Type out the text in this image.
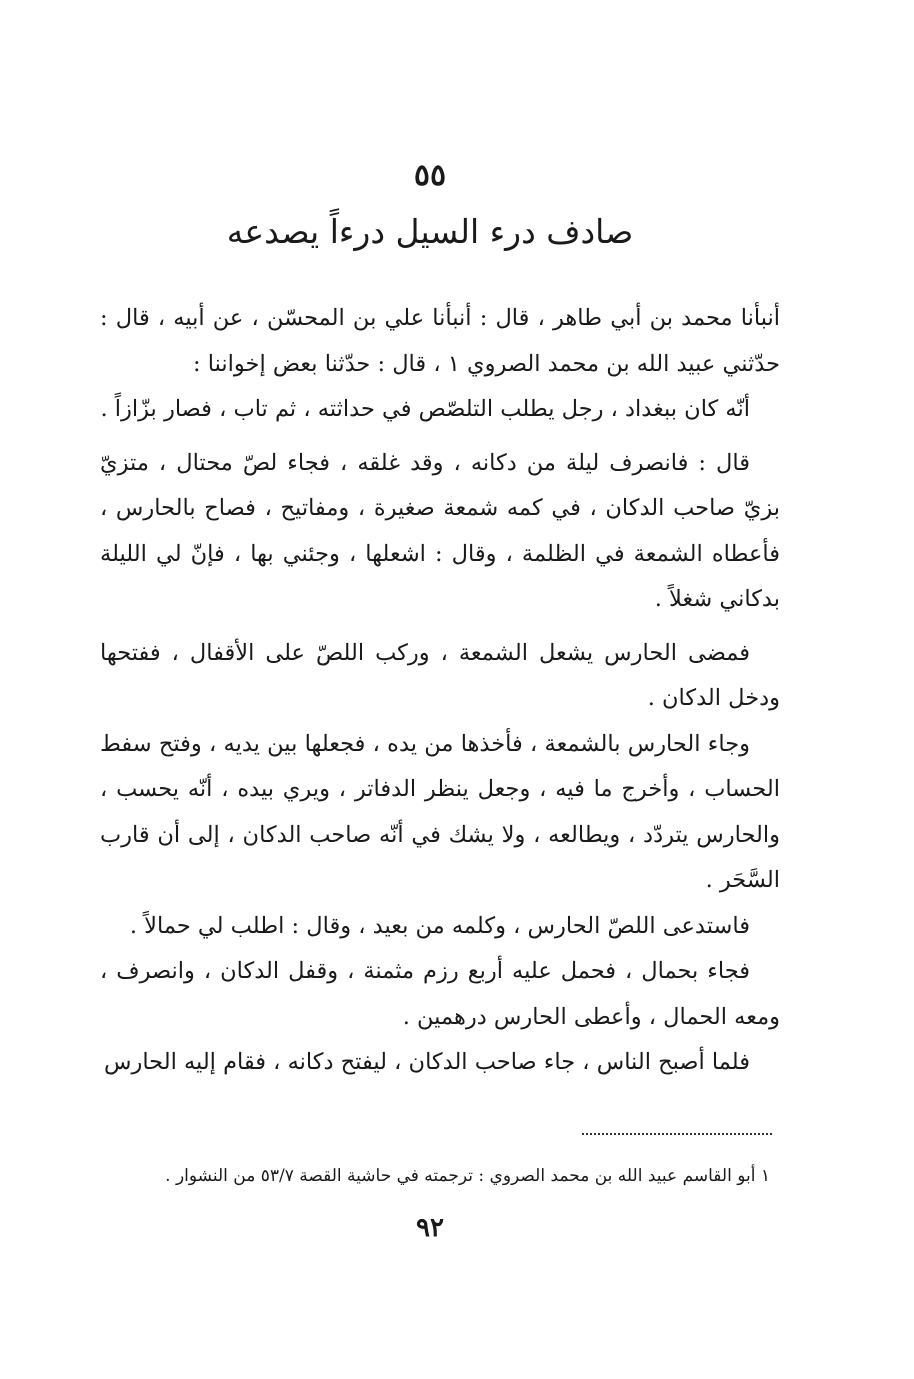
٥٥
صادف درء السيل درءاً يصدعه

أنبأنا محمد بن أبي طاهر ، قال : أنبأنا علي بن المحسّن ، عن أبيه ، قال : حدّثني عبيد الله بن محمد الصروي ١ ، قال : حدّثنا بعض إخواننا :

أنّه كان ببغداد ، رجل يطلب التلصّص في حداثته ، ثم تاب ، فصار بزّازاً .

قال : فانصرف ليلة من دكانه ، وقد غلقه ، فجاء لصّ محتال ، متزيّ بزيّ صاحب الدكان ، في كمه شمعة صغيرة ، ومفاتيح ، فصاح بالحارس ، فأعطاه الشمعة في الظلمة ، وقال : اشعلها ، وجئني بها ، فإنّ لي الليلة بدكاني شغلاً .

فمضى الحارس يشعل الشمعة ، وركب اللصّ على الأقفال ، ففتحها ودخل الدكان .

وجاء الحارس بالشمعة ، فأخذها من يده ، فجعلها بين يديه ، وفتح سفط الحساب ، وأخرج ما فيه ، وجعل ينظر الدفاتر ، ويري بيده ، أنّه يحسب ، والحارس يتردّد ، ويطالعه ، ولا يشك في أنّه صاحب الدكان ، إلى أن قارب السَّحَر .

فاستدعى اللصّ الحارس ، وكلمه من بعيد ، وقال : اطلب لي حمالاً .

فجاء بحمال ، فحمل عليه أربع رزم مثمنة ، وقفل الدكان ، وانصرف ، ومعه الحمال ، وأعطى الحارس درهمين .

فلما أصبح الناس ، جاء صاحب الدكان ، ليفتح دكانه ، فقام إليه الحارس

١ أبو القاسم عبيد الله بن محمد الصروي : ترجمته في حاشية القصة ٥٣/٧ من النشوار .
٩٢
